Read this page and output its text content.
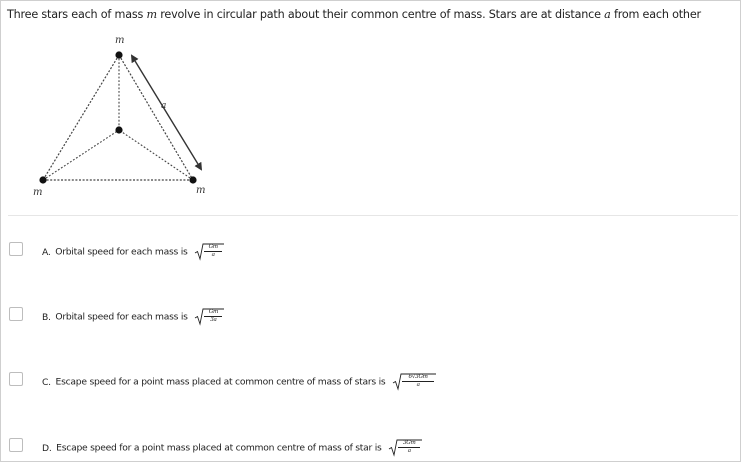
Three stars each of mass m revolve in circular path about their common centre of mass. Stars are at distance a from each other
m
m	m
a
A. Orbital speed for each mass is	$\frac{Gm}{a}$
B. Orbital speed for each mass is	$\frac{Gm}{3a}$
C. Escape speed for a point mass placed at common centre of mass of stars is	$\frac{6√3Gm}{a}$
D. Escape speed for a point mass placed at common centre of mass of star is	$\frac{3Gm}{a}$
